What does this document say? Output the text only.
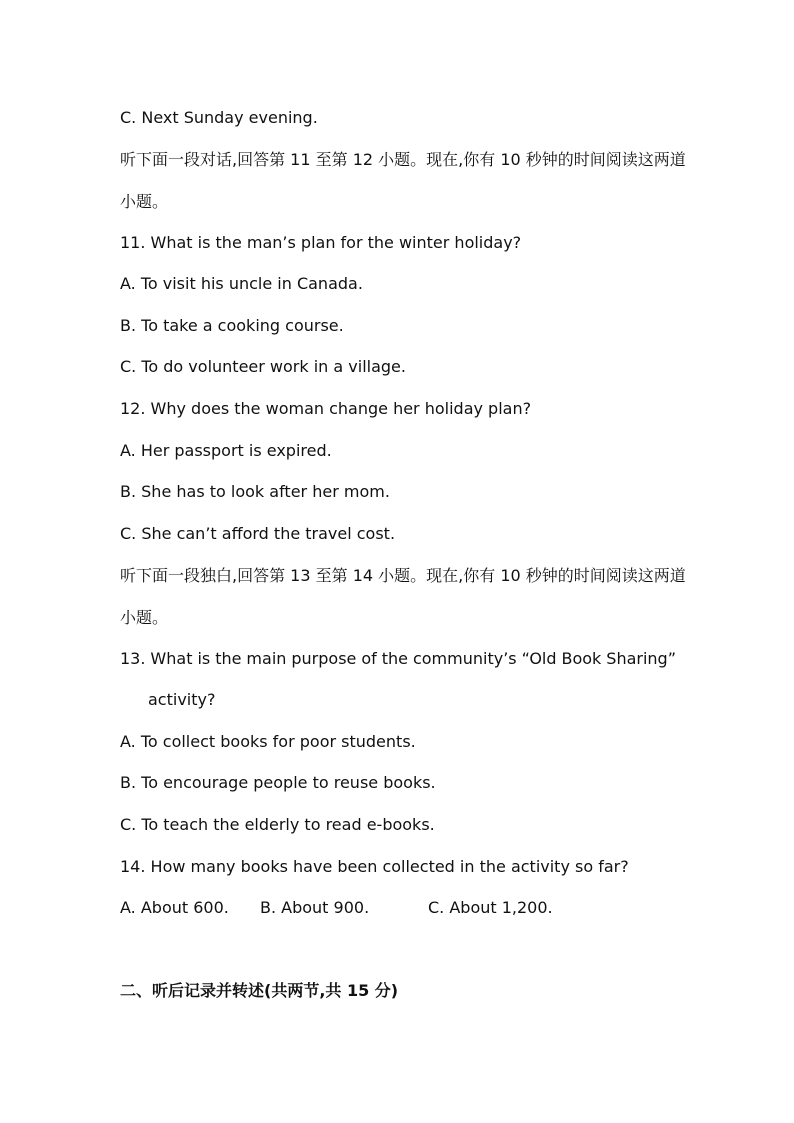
C. Next Sunday evening.
听下面一段对话,回答第 11 至第 12 小题。现在,你有 10 秒钟的时间阅读这两道
小题。
11. What is the man’s plan for the winter holiday?
A. To visit his uncle in Canada.
B. To take a cooking course.
C. To do volunteer work in a village.
12. Why does the woman change her holiday plan?
A. Her passport is expired.
B. She has to look after her mom.
C. She can’t afford the travel cost.
听下面一段独白,回答第 13 至第 14 小题。现在,你有 10 秒钟的时间阅读这两道
小题。
13. What is the main purpose of the community’s “Old Book Sharing”
activity?
A. To collect books for poor students.
B. To encourage people to reuse books.
C. To teach the elderly to read e-books.
14. How many books have been collected in the activity so far?
A. About 600. B. About 900.	C. About 1,200.
二、听后记录并转述(共两节,共 15 分)
